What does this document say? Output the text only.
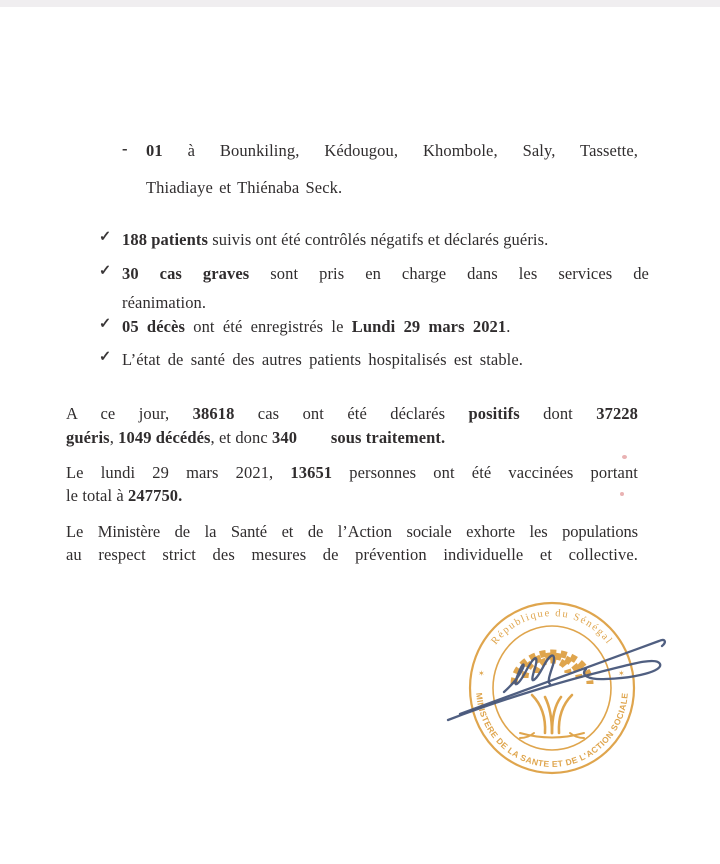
- 01 à Bounkiling, Kédougou, Khombole, Saly, Tassette,
Thiadiaye et Thiénaba Seck.
✓ 188 patients suivis ont été contrôlés négatifs et déclarés guéris.
✓ 30 cas graves sont pris en charge dans les services de
réanimation.
✓ 05 décès ont été enregistrés le Lundi 29 mars 2021.
✓ L’état de santé des autres patients hospitalisés est stable.
A ce jour, 38618 cas ont été déclarés positifs dont 37228
guéris, 1049 décédés, et donc 340 sous traitement.
Le lundi 29 mars 2021, 13651 personnes ont été vaccinées portant
le total à 247750.
Le Ministère de la Santé et de l’Action sociale exhorte les populations
au respect strict des mesures de prévention individuelle et collective.
République du Sénégal
MINISTERE DE LA SANTE ET DE L'ACTION SOCIALE
✶	✶
